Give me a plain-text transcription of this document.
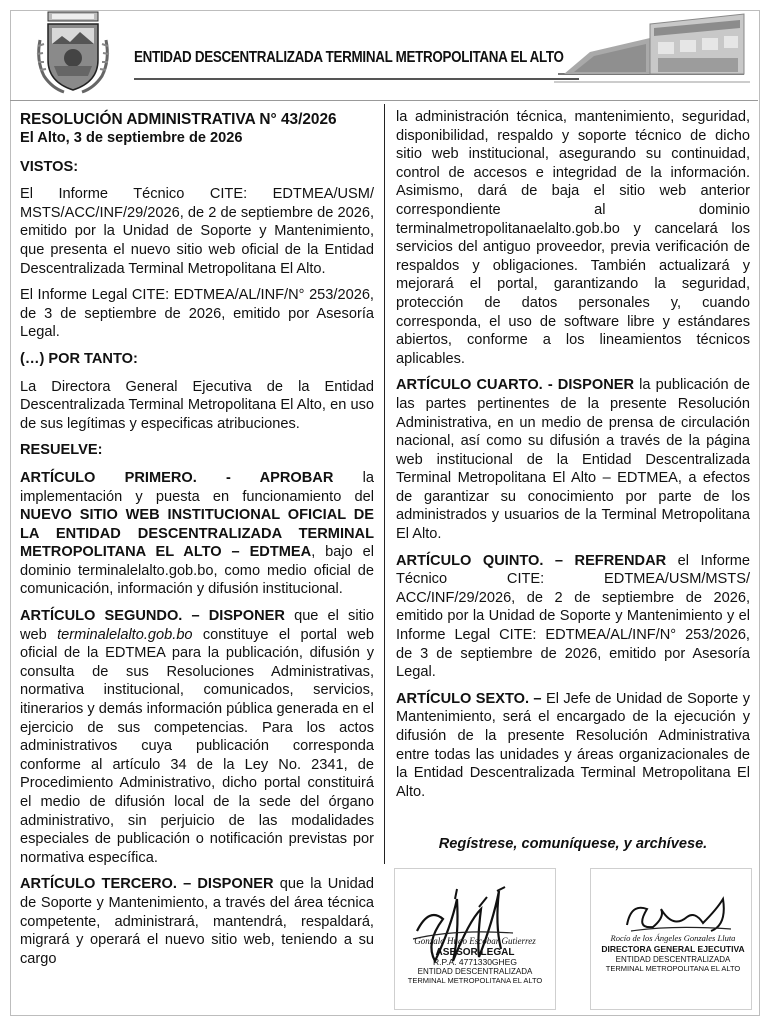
ENTIDAD DESCENTRALIZADA TERMINAL METROPOLITANA EL ALTO

RESOLUCIÓN ADMINISTRATIVA N° 43/2026

El Alto, 3 de septiembre de 2026

VISTOS:

El Informe Técnico CITE: EDTMEA/USM/ MSTS/ACC/INF/29/2026, de 2 de septiembre de 2026, emitido por la Unidad de Soporte y Mantenimiento, que presenta el nuevo sitio web oficial de la Entidad Descentralizada Terminal Metropolitana El Alto.

El Informe Legal CITE: EDTMEA/AL/INF/N° 253/2026, de 3 de septiembre de 2026, emitido por Asesoría Legal.

(…) POR TANTO:

La Directora General Ejecutiva de la Entidad Descentralizada Terminal Metropolitana El Alto, en uso de sus legítimas y especificas atribuciones.

RESUELVE:

ARTÍCULO PRIMERO. - APROBAR la implementación y puesta en funcionamiento del NUEVO SITIO WEB INSTITUCIONAL OFICIAL DE LA ENTIDAD DESCENTRALIZADA TERMINAL METROPOLITANA EL ALTO – EDTMEA, bajo el dominio terminalelalto.gob.bo, como medio oficial de comunicación, información y difusión institucional.

ARTÍCULO SEGUNDO. – DISPONER que el sitio web terminalelalto.gob.bo constituye el portal web oficial de la EDTMEA para la publicación, difusión y consulta de sus Resoluciones Administrativas, normativa institucional, comunicados, servicios, itinerarios y demás información pública generada en el ejercicio de sus competencias. Para los actos administrativos cuya publicación corresponda conforme al artículo 34 de la Ley No. 2341, de Procedimiento Administrativo, dicho portal constituirá el medio de difusión local de la sede del órgano administrativo, sin perjuicio de las modalidades especiales de publicación o notificación previstas por normativa específica.

ARTÍCULO TERCERO. – DISPONER que la Unidad de Soporte y Mantenimiento, a través del área técnica competente, administrará, mantendrá, respaldará, migrará y operará el nuevo sitio web, teniendo a su cargo

la administración técnica, mantenimiento, seguridad, disponibilidad, respaldo y soporte técnico de dicho sitio web institucional, asegurando su continuidad, control de accesos e integridad de la información. Asimismo, dará de baja el sitio web anterior correspondiente al dominio terminalmetropolitanaelalto.gob.bo y cancelará los servicios del antiguo proveedor, previa verificación de respaldos y obligaciones. También actualizará y mejorará el portal, garantizando la seguridad, protección de datos personales y, cuando corresponda, el uso de software libre y estándares abiertos, conforme a los lineamientos técnicos aplicables.

ARTÍCULO CUARTO. - DISPONER la publicación de las partes pertinentes de la presente Resolución Administrativa, en un medio de prensa de circulación nacional, así como su difusión a través de la página web institucional de la Entidad Descentralizada Terminal Metropolitana El Alto – EDTMEA, a efectos de garantizar su conocimiento por parte de los administrados y usuarios de la Terminal Metropolitana El Alto.

ARTÍCULO QUINTO. – REFRENDAR el Informe Técnico CITE: EDTMEA/USM/MSTS/ ACC/INF/29/2026, de 2 de septiembre de 2026, emitido por la Unidad de Soporte y Mantenimiento y el Informe Legal CITE: EDTMEA/AL/INF/N° 253/2026, de 3 de septiembre de 2026, emitido por Asesoría Legal.

ARTÍCULO SEXTO. – El Jefe de Unidad de Soporte y Mantenimiento, será el encargado de la ejecución y difusión de la presente Resolución Administrativa entre todas las unidades y áreas organizacionales de la Entidad Descentralizada Terminal Metropolitana El Alto.

Regístrese, comuníquese, y archívese.
Gonzalo Hugo Escobar Gutierrez
ASESOR LEGAL
R.P.A. 4771330GHEG
ENTIDAD DESCENTRALIZADA
TERMINAL METROPOLITANA EL ALTO
Rocío de los Ángeles Gonzales Lluta
DIRECTORA GENERAL EJECUTIVA
ENTIDAD DESCENTRALIZADA
TERMINAL METROPOLITANA EL ALTO
